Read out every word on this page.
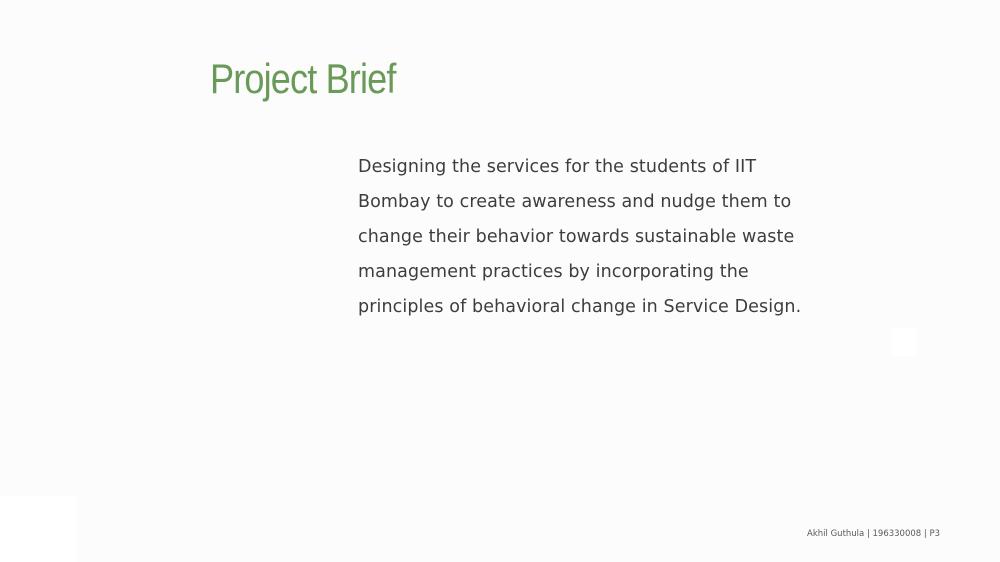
Project Brief

Designing the services for the students of IIT Bombay to create awareness and nudge them to change their behavior towards sustainable waste management practices by incorporating the principles of behavioral change in Service Design.

Akhil Guthula | 196330008 | P3
